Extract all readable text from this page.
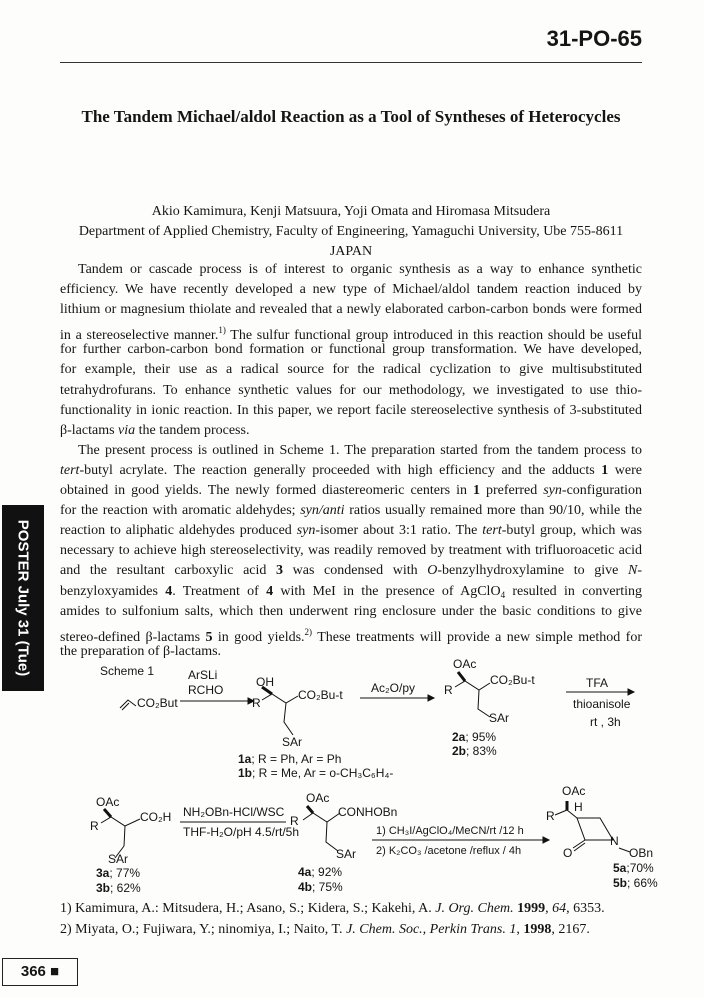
31-PO-65
The Tandem Michael/aldol Reaction as a Tool of Syntheses of Heterocycles
Akio Kamimura, Kenji Matsuura, Yoji Omata and Hiromasa Mitsudera
Department of Applied Chemistry, Faculty of Engineering, Yamaguchi University, Ube 755-8611
JAPAN
Tandem or cascade process is of interest to organic synthesis as a way to enhance synthetic
efficiency. We have recently developed a new type of Michael/aldol tandem reaction induced by
lithium or magnesium thiolate and revealed that a newly elaborated carbon-carbon bonds were formed
in a stereoselective manner.$^{1)}$ The sulfur functional group introduced in this reaction should be useful
for further carbon-carbon bond formation or functional group transformation. We have developed,
for example, their use as a radical source for the radical cyclization to give multisubstituted
tetrahydrofurans. To enhance synthetic values for our methodology, we investigated to use thio-
functionality in ionic reaction. In this paper, we report facile stereoselective synthesis of 3-substituted
β-lactams via the tandem process.
The present process is outlined in Scheme 1. The preparation started from the tandem process to
tert-butyl acrylate. The reaction generally proceeded with high efficiency and the adducts 1 were
obtained in good yields. The newly formed diastereomeric centers in 1 preferred syn-configuration
for the reaction with aromatic aldehydes; syn/anti ratios usually remained more than 90/10, while the
reaction to aliphatic aldehydes produced syn-isomer about 3:1 ratio. The tert-butyl group, which was
necessary to achieve high stereoselectivity, was readily removed by treatment with trifluoroacetic acid
and the resultant carboxylic acid 3 was condensed with O-benzylhydroxylamine to give N-
benzyloxyamides 4. Treatment of 4 with MeI in the presence of AgClO$_4$ resulted in converting
amides to sulfonium salts, which then underwent ring enclosure under the basic conditions to give
stereo-defined β-lactams 5 in good yields.$^{2)}$ These treatments will provide a new simple method for
the preparation of β-lactams.
POSTER July 31 (Tue)	Scheme 1	ArSLi
RCHO
CO₂But
OH
R
CO₂Bu-t
SAr
1a; R = Ph, Ar = Ph
1b; R = Me, Ar = o-CH₃C₆H₄-
Ac₂O/py
OAc
R
CO₂Bu-t
SAr
2a; 95%
2b; 83%
TFA
thioanisole
rt , 3h
OAc
R
CO₂H
SAr
3a; 77%
3b; 62%
NH₂OBn-HCl/WSC
THF-H₂O/pH 4.5/rt/5h
OAc
R
CONHOBn
SAr
4a; 92%
4b; 75%
1) CH₃I/AgClO₄/MeCN/rt /12 h
2) K₂CO₃ /acetone /reflux / 4h
OAc
H
R
O
N
OBn
5a;70%
5b; 66%
1) Kamimura, A.: Mitsudera, H.; Asano, S.; Kidera, S.; Kakehi, A. J. Org. Chem. 1999, 64, 6353.
2) Miyata, O.; Fujiwara, Y.; ninomiya, I.; Naito, T. J. Chem. Soc., Perkin Trans. 1, 1998, 2167.
366 ■
